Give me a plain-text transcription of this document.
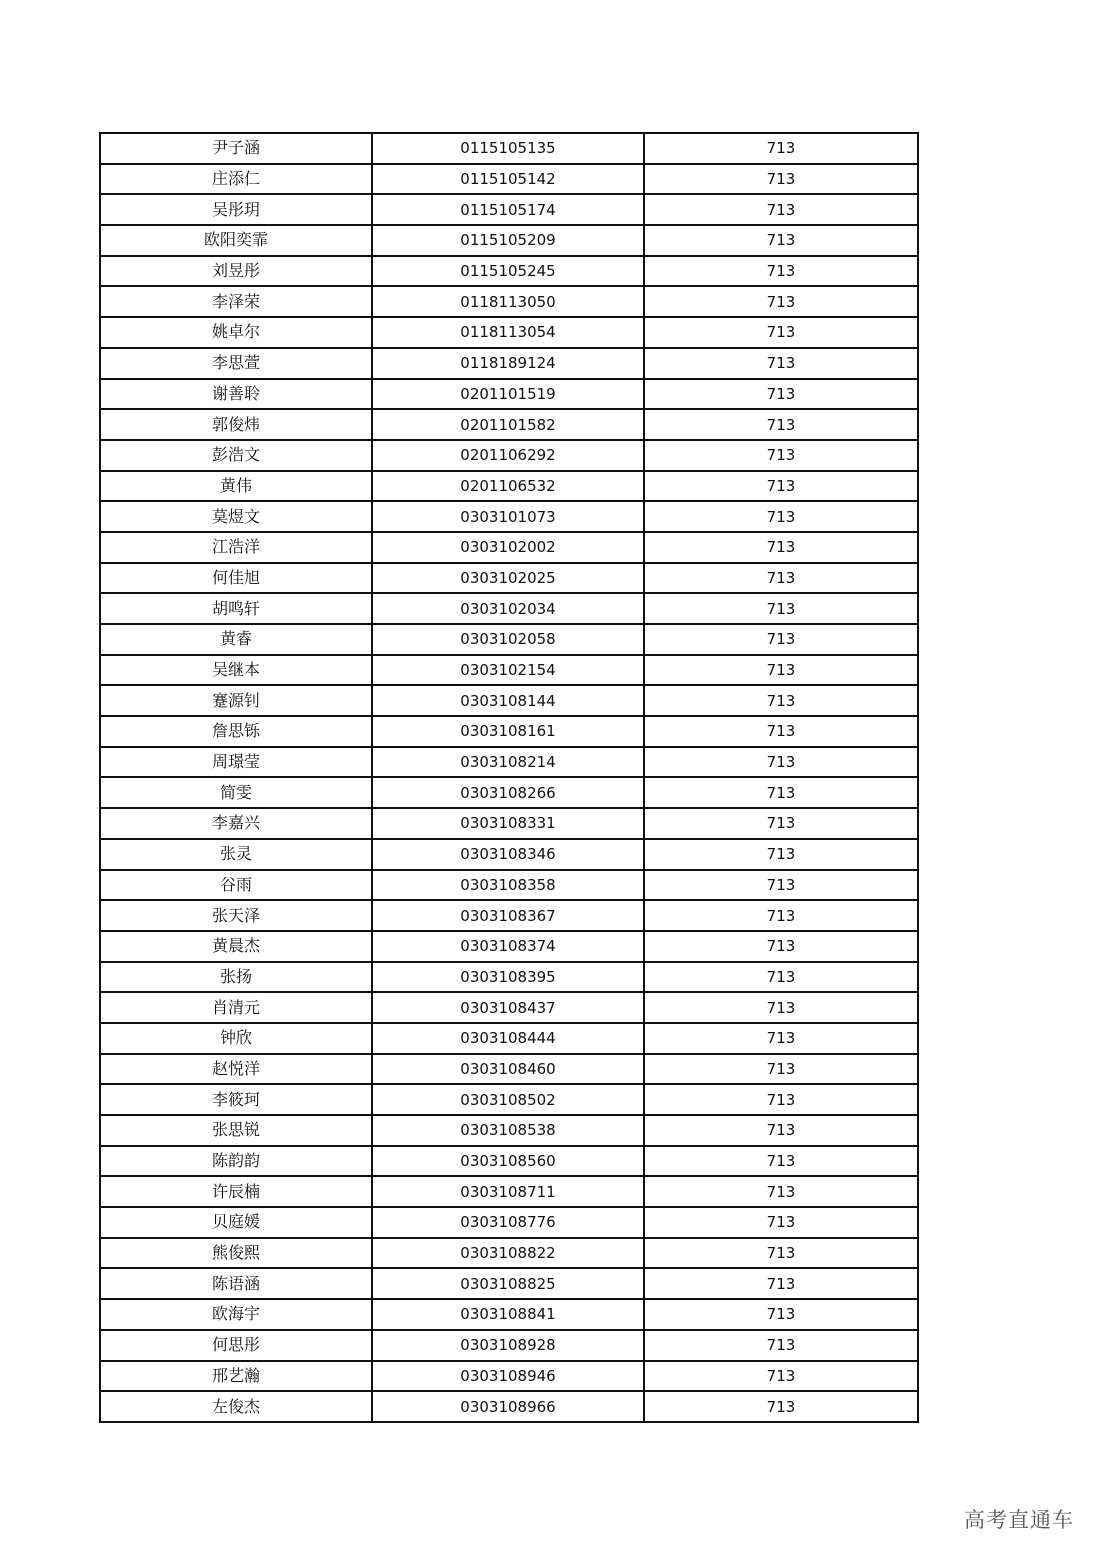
尹子涵	0115105135	713
庄添仁	0115105142	713
吴彤玥	0115105174	713
欧阳奕霏	0115105209	713
刘昱彤	0115105245	713
李泽荣	0118113050	713
姚卓尔	0118113054	713
李思萱	0118189124	713
谢善聆	0201101519	713
郭俊炜	0201101582	713
彭浩文	0201106292	713
黄伟	0201106532	713
莫煜文	0303101073	713
江浩洋	0303102002	713
何佳旭	0303102025	713
胡鸣轩	0303102034	713
黄睿	0303102058	713
吴继本	0303102154	713
蹇源钊	0303108144	713
詹思铄	0303108161	713
周璟莹	0303108214	713
简雯	0303108266	713
李嘉兴	0303108331	713
张灵	0303108346	713
谷雨	0303108358	713
张天泽	0303108367	713
黄晨杰	0303108374	713
张扬	0303108395	713
肖清元	0303108437	713
钟欣	0303108444	713
赵悦洋	0303108460	713
李筱珂	0303108502	713
张思锐	0303108538	713
陈韵韵	0303108560	713
许辰楠	0303108711	713
贝庭媛	0303108776	713
熊俊熙	0303108822	713
陈语涵	0303108825	713
欧海宇	0303108841	713
何思彤	0303108928	713
邢艺瀚	0303108946	713
左俊杰	0303108966	713
高考直通车
